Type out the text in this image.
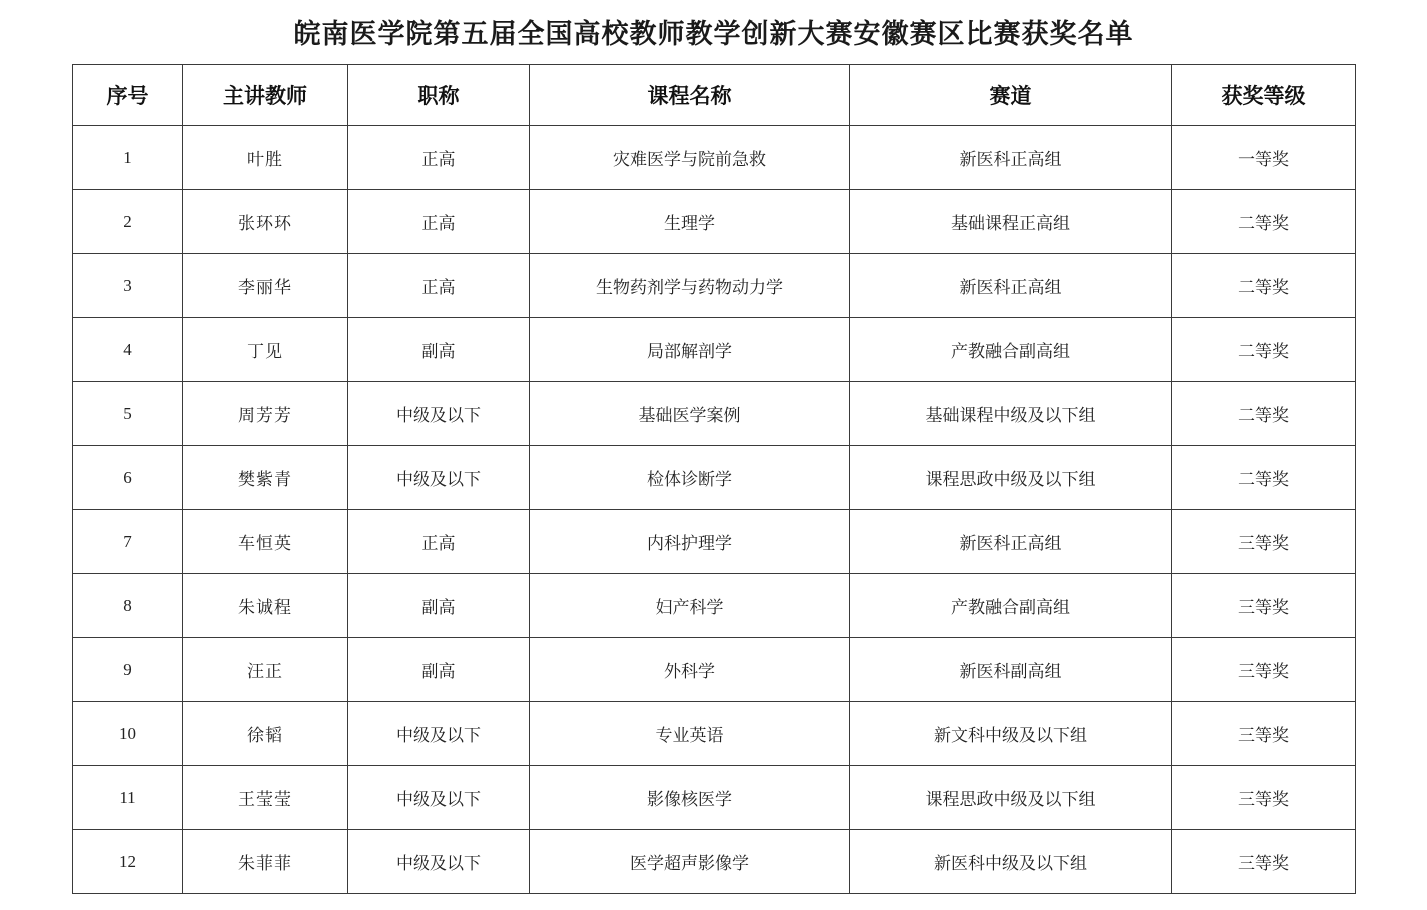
皖南医学院第五届全国高校教师教学创新大赛安徽赛区比赛获奖名单
序号	主讲教师	职称	课程名称	赛道	获奖等级
1	叶胜	正高	灾难医学与院前急救	新医科正高组	一等奖
2	张环环	正高	生理学	基础课程正高组	二等奖
3	李丽华	正高	生物药剂学与药物动力学	新医科正高组	二等奖
4	丁见	副高	局部解剖学	产教融合副高组	二等奖
5	周芳芳	中级及以下	基础医学案例	基础课程中级及以下组	二等奖
6	樊紫青	中级及以下	检体诊断学	课程思政中级及以下组	二等奖
7	车恒英	正高	内科护理学	新医科正高组	三等奖
8	朱诚程	副高	妇产科学	产教融合副高组	三等奖
9	汪正	副高	外科学	新医科副高组	三等奖
10	徐韬	中级及以下	专业英语	新文科中级及以下组	三等奖
11	王莹莹	中级及以下	影像核医学	课程思政中级及以下组	三等奖
12	朱菲菲	中级及以下	医学超声影像学	新医科中级及以下组	三等奖
